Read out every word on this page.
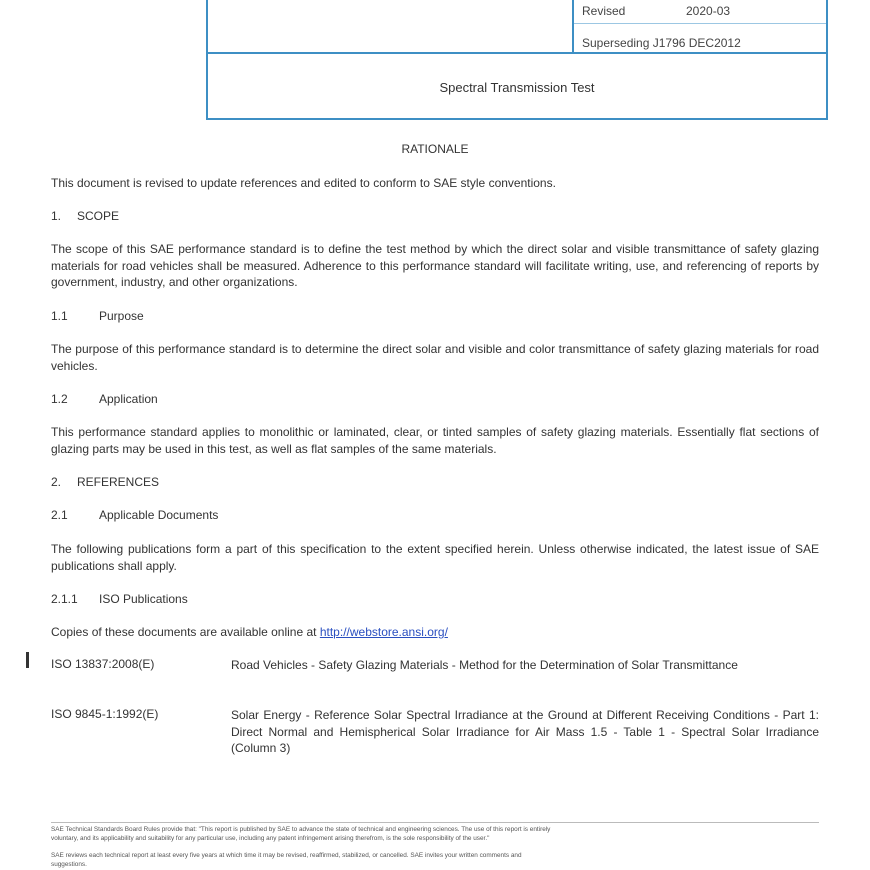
Revised	2020-03
Superseding J1796 DEC2012
Spectral Transmission Test
RATIONALE
This document is revised to update references and edited to conform to SAE style conventions.
1. SCOPE
The scope of this SAE performance standard is to define the test method by which the direct solar and visible transmittance of safety glazing materials for road vehicles shall be measured. Adherence to this performance standard will facilitate writing, use, and referencing of reports by government, industry, and other organizations.
1.1	Purpose
The purpose of this performance standard is to determine the direct solar and visible and color transmittance of safety glazing materials for road vehicles.
1.2	Application
This performance standard applies to monolithic or laminated, clear, or tinted samples of safety glazing materials. Essentially flat sections of glazing parts may be used in this test, as well as flat samples of the same materials.
2. REFERENCES
2.1	Applicable Documents
The following publications form a part of this specification to the extent specified herein. Unless otherwise indicated, the latest issue of SAE publications shall apply.
2.1.1 ISO Publications
Copies of these documents are available online at http://webstore.ansi.org/
ISO 13837:2008(E)	Road Vehicles - Safety Glazing Materials - Method for the Determination of Solar Transmittance
ISO 9845-1:1992(E)	Solar Energy - Reference Solar Spectral Irradiance at the Ground at Different Receiving Conditions - Part 1: Direct Normal and Hemispherical Solar Irradiance for Air Mass 1.5 - Table 1 - Spectral Solar Irradiance (Column 3)
SAE Technical Standards Board Rules provide that: "This report is published by SAE to advance the state of technical and engineering sciences. The use of this report is entirely
voluntary, and its applicability and suitability for any particular use, including any patent infringement arising therefrom, is the sole responsibility of the user."
SAE reviews each technical report at least every five years at which time it may be revised, reaffirmed, stabilized, or cancelled. SAE invites your written comments and
suggestions.
